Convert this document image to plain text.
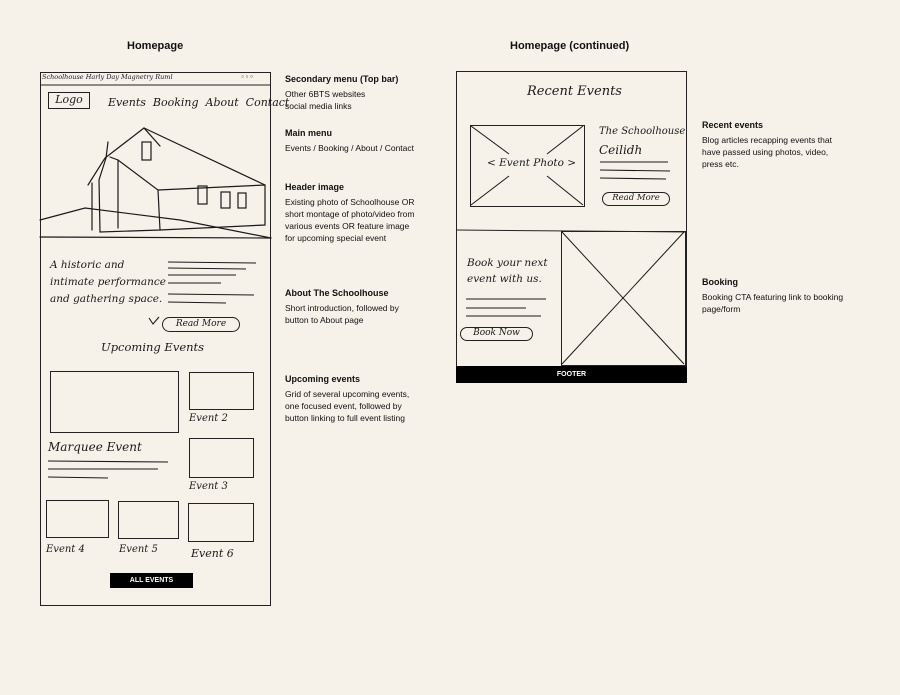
Homepage	Homepage (continued)
Schoolhouse Harly Day Magnetry Ruml	○ ○ ○
Logo	Events Booking About Contact
A historic and
intimate performance
and gathering space.
Read More
Upcoming Events
Event 2
Marquee Event
Event 3
Event 4	Event 5	Event 6
ALL EVENTS
Recent Events
< Event Photo >
The Schoolhouse
Ceilidh
Read More
Book your next
event with us.
Book Now
FOOTER
Secondary menu (Top bar)
Other 6BTS websites
social media links
Main menu
Events / Booking / About / Contact
Header image
Existing photo of Schoolhouse OR
short montage of photo/video from
various events OR feature image
for upcoming special event
About The Schoolhouse
Short introduction, followed by
button to About page
Upcoming events
Grid of several upcoming events,
one focused event, followed by
button linking to full event listing
Recent events
Blog articles recapping events that
have passed using photos, video,
press etc.
Booking
Booking CTA featuring link to booking
page/form
